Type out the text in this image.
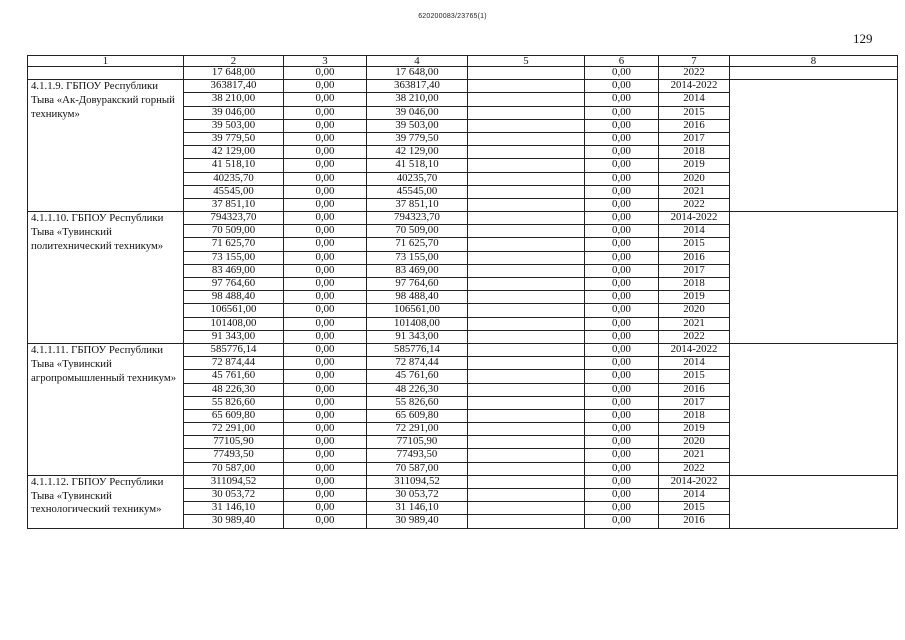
620200083/23765(1)
129
1	2	3	4	5	6	7	8
	17 648,00	0,00	17 648,00		0,00	2022	
4.1.1.9. ГБПОУ Республики Тыва «Ак-Довуракский горный техникум»	363817,40	0,00	363817,40		0,00	2014-2022	
	38 210,00	0,00	38 210,00		0,00	2014	
	39 046,00	0,00	39 046,00		0,00	2015	
	39 503,00	0,00	39 503,00		0,00	2016	
	39 779,50	0,00	39 779,50		0,00	2017	
	42 129,00	0,00	42 129,00		0,00	2018	
	41 518,10	0,00	41 518,10		0,00	2019	
	40235,70	0,00	40235,70		0,00	2020	
	45545,00	0,00	45545,00		0,00	2021	
	37 851,10	0,00	37 851,10		0,00	2022	
4.1.1.10. ГБПОУ Республики Тыва «Тувинский политехнический техникум»	794323,70	0,00	794323,70		0,00	2014-2022	
	70 509,00	0,00	70 509,00		0,00	2014	
	71 625,70	0,00	71 625,70		0,00	2015	
	73 155,00	0,00	73 155,00		0,00	2016	
	83 469,00	0,00	83 469,00		0,00	2017	
	97 764,60	0,00	97 764,60		0,00	2018	
	98 488,40	0,00	98 488,40		0,00	2019	
	106561,00	0,00	106561,00		0,00	2020	
	101408,00	0,00	101408,00		0,00	2021	
	91 343,00	0,00	91 343,00		0,00	2022	
4.1.1.11. ГБПОУ Республики Тыва «Тувинский агропромышленный техникум»	585776,14	0,00	585776,14		0,00	2014-2022	
	72 874,44	0,00	72 874,44		0,00	2014	
	45 761,60	0,00	45 761,60		0,00	2015	
	48 226,30	0,00	48 226,30		0,00	2016	
	55 826,60	0,00	55 826,60		0,00	2017	
	65 609,80	0,00	65 609,80		0,00	2018	
	72 291,00	0,00	72 291,00		0,00	2019	
	77105,90	0,00	77105,90		0,00	2020	
	77493,50	0,00	77493,50		0,00	2021	
	70 587,00	0,00	70 587,00		0,00	2022	
4.1.1.12. ГБПОУ Республики Тыва «Тувинский технологический техникум»	311094,52	0,00	311094,52		0,00	2014-2022	
	30 053,72	0,00	30 053,72		0,00	2014	
	31 146,10	0,00	31 146,10		0,00	2015	
	30 989,40	0,00	30 989,40		0,00	2016	
